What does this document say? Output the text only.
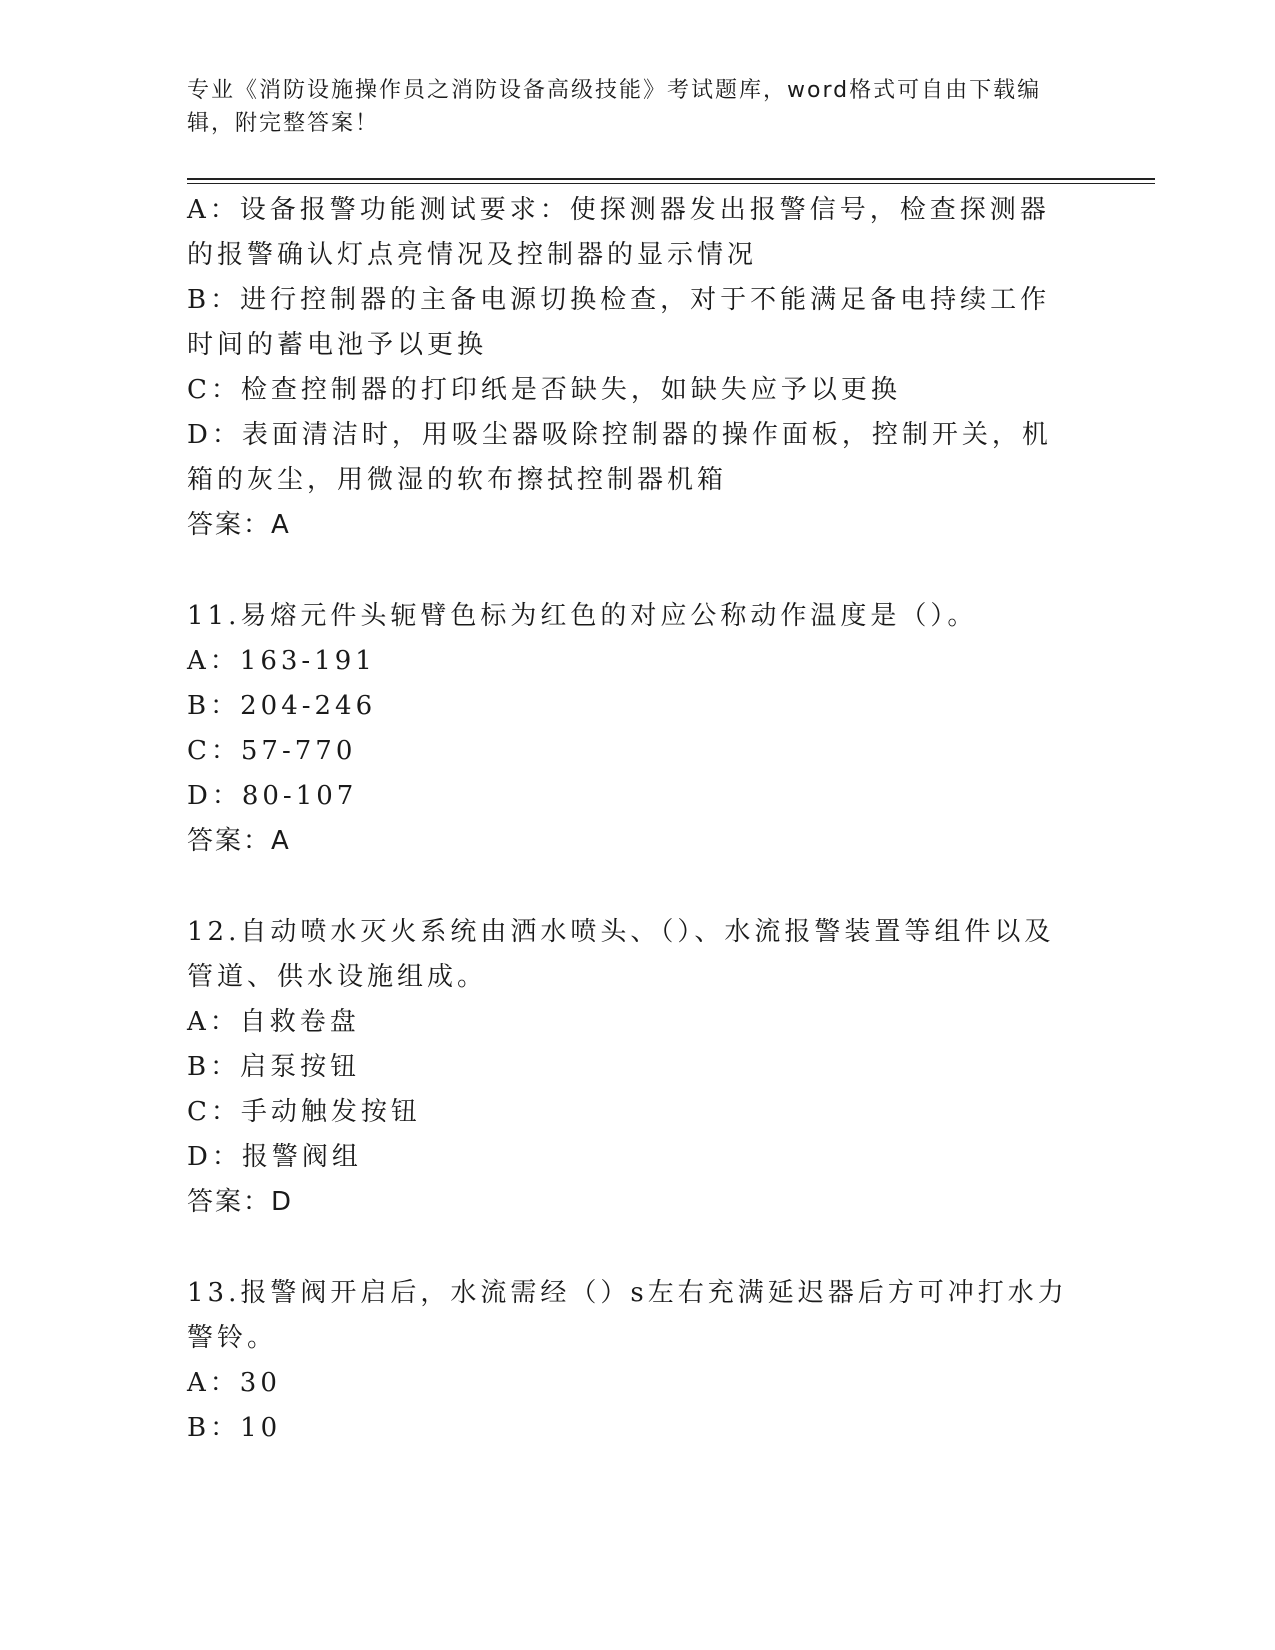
专业《消防设施操作员之消防设备高级技能》考试题库，word格式可自由下载编辑，附完整答案！

A：设备报警功能测试要求：使探测器发出报警信号，检查探测器的报警确认灯点亮情况及控制器的显示情况

B：进行控制器的主备电源切换检查，对于不能满足备电持续工作时间的蓄电池予以更换

C：检查控制器的打印纸是否缺失，如缺失应予以更换

D：表面清洁时，用吸尘器吸除控制器的操作面板，控制开关，机箱的灰尘，用微湿的软布擦拭控制器机箱

答案：A

11.易熔元件头轭臂色标为红色的对应公称动作温度是（）。

A：163-191

B：204-246

C：57-770

D：80-107

答案：A

12.自动喷水灭火系统由洒水喷头、（）、水流报警装置等组件以及管道、供水设施组成。

A：自救卷盘

B：启泵按钮

C：手动触发按钮

D：报警阀组

答案：D

13.报警阀开启后，水流需经（）s左右充满延迟器后方可冲打水力警铃。

A：30

B：10
